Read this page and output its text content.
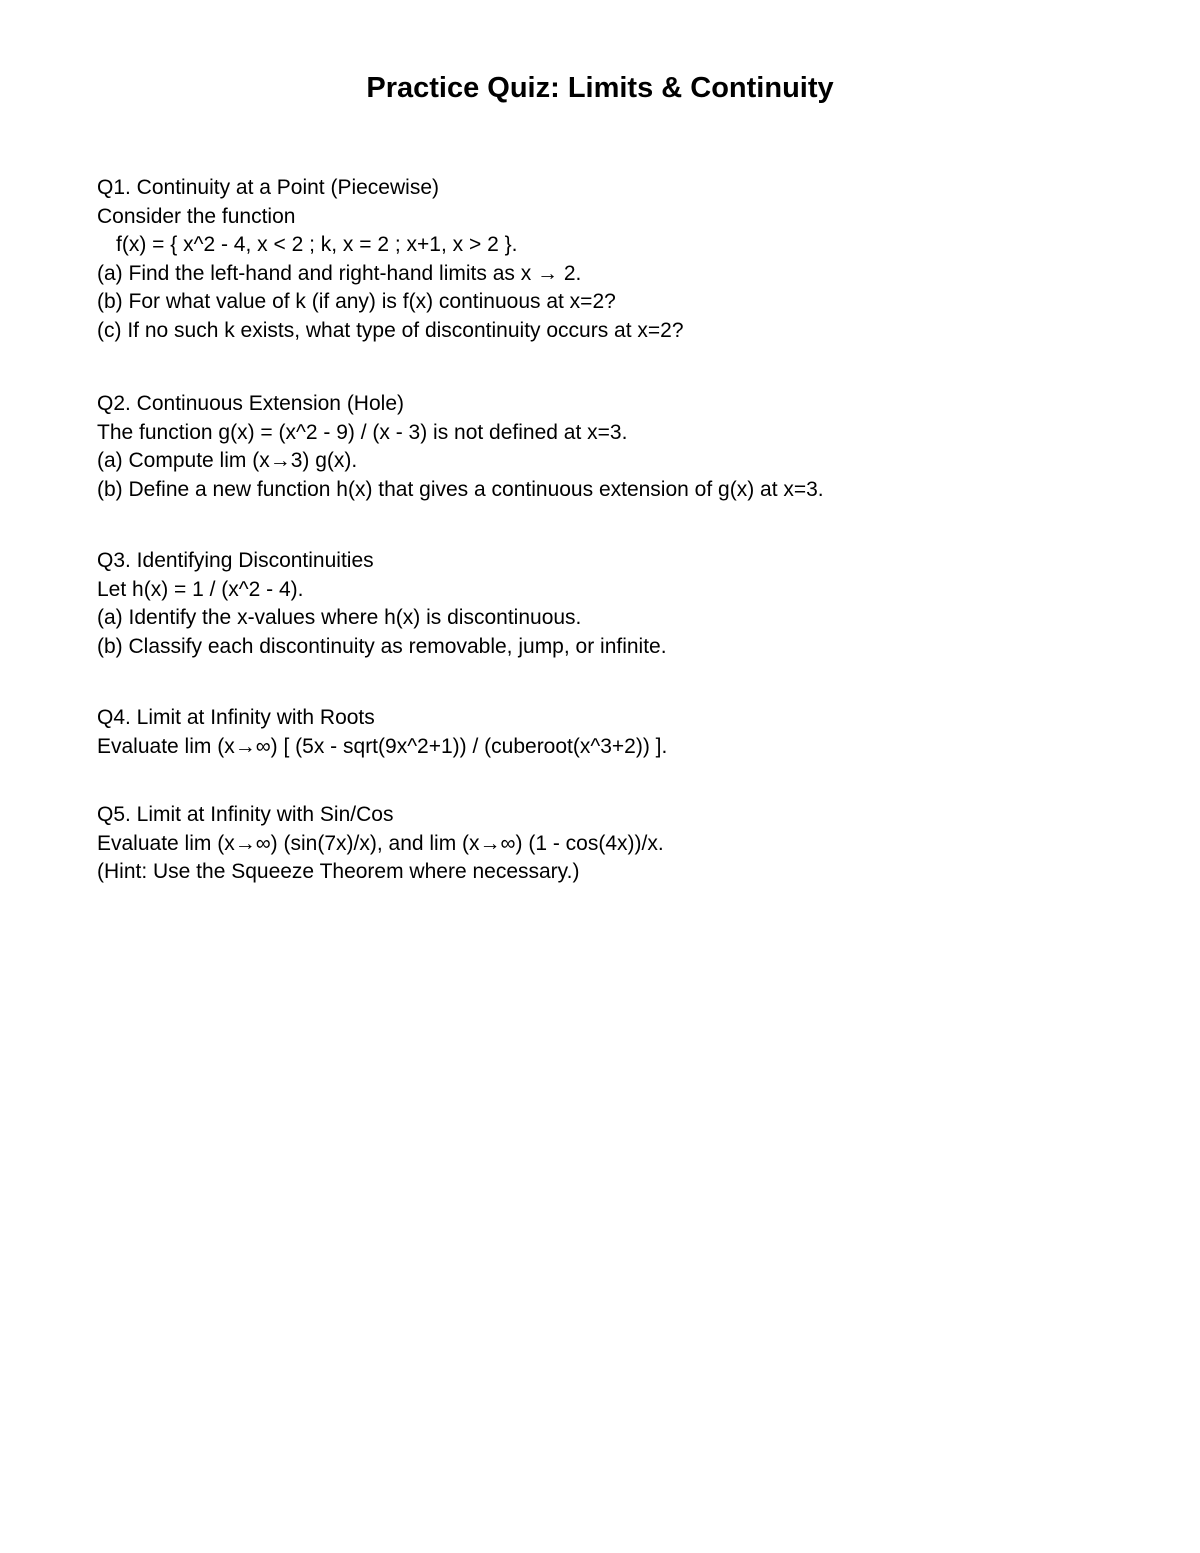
Practice Quiz: Limits & Continuity
Q1. Continuity at a Point (Piecewise)
Consider the function
f(x) = { x^2 - 4, x < 2 ; k, x = 2 ; x+1, x > 2 }.
(a) Find the left-hand and right-hand limits as x → 2.
(b) For what value of k (if any) is f(x) continuous at x=2?
(c) If no such k exists, what type of discontinuity occurs at x=2?
Q2. Continuous Extension (Hole)
The function g(x) = (x^2 - 9) / (x - 3) is not defined at x=3.
(a) Compute lim (x→3) g(x).
(b) Define a new function h(x) that gives a continuous extension of g(x) at x=3.
Q3. Identifying Discontinuities
Let h(x) = 1 / (x^2 - 4).
(a) Identify the x-values where h(x) is discontinuous.
(b) Classify each discontinuity as removable, jump, or infinite.
Q4. Limit at Infinity with Roots
Evaluate lim (x→∞) [ (5x - sqrt(9x^2+1)) / (cuberoot(x^3+2)) ].
Q5. Limit at Infinity with Sin/Cos
Evaluate lim (x→∞) (sin(7x)/x), and lim (x→∞) (1 - cos(4x))/x.
(Hint: Use the Squeeze Theorem where necessary.)
